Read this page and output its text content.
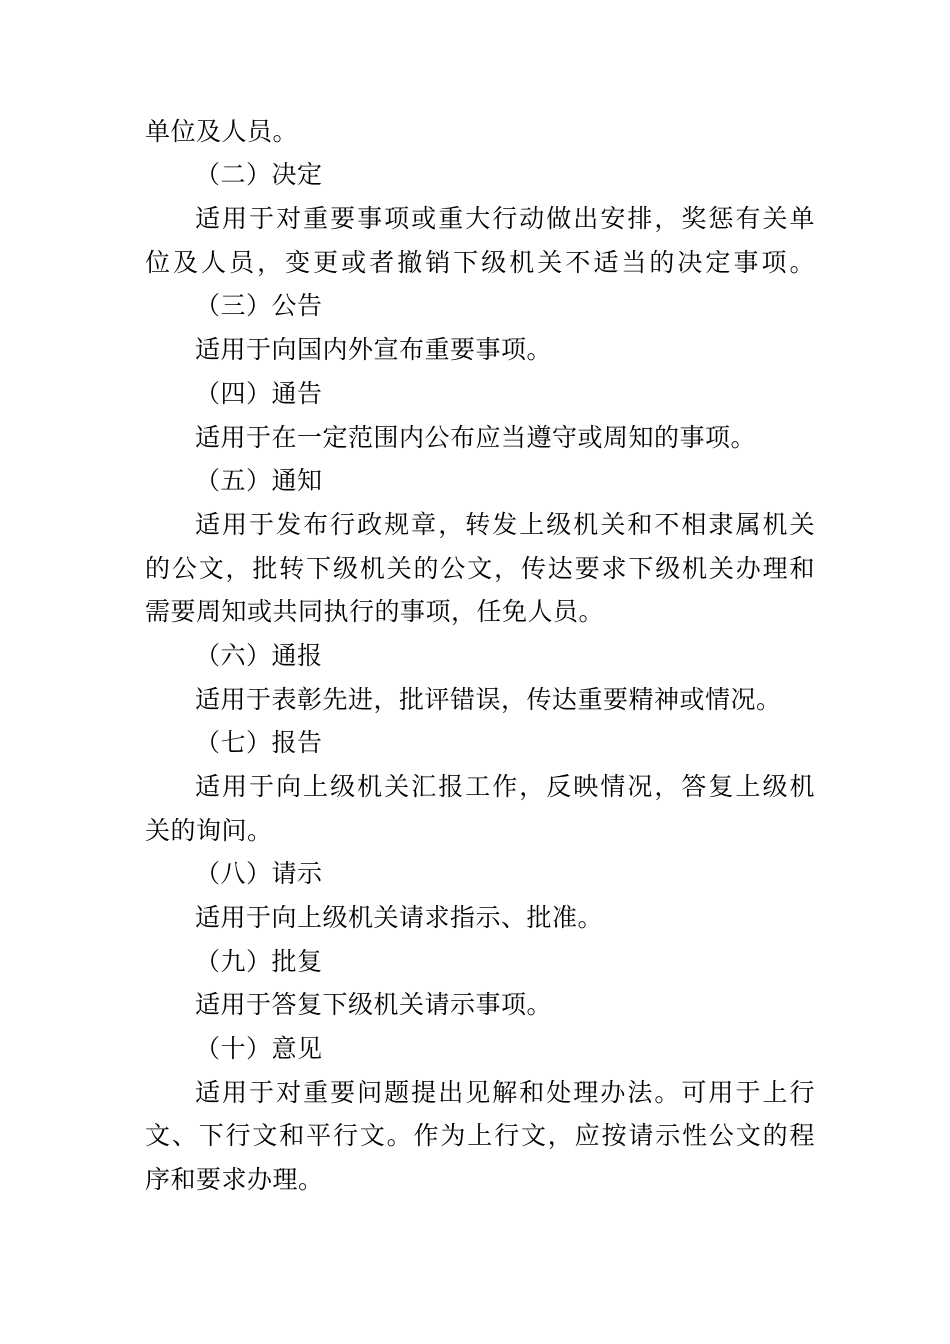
单位及人员。
（二）决定
适用于对重要事项或重大行动做出安排，奖惩有关单
位及人员，变更或者撤销下级机关不适当的决定事项。
（三）公告
适用于向国内外宣布重要事项。
（四）通告
适用于在一定范围内公布应当遵守或周知的事项。
（五）通知
适用于发布行政规章，转发上级机关和不相隶属机关
的公文，批转下级机关的公文，传达要求下级机关办理和
需要周知或共同执行的事项，任免人员。
（六）通报
适用于表彰先进，批评错误，传达重要精神或情况。
（七）报告
适用于向上级机关汇报工作，反映情况，答复上级机
关的询问。
（八）请示
适用于向上级机关请求指示、批准。
（九）批复
适用于答复下级机关请示事项。
（十）意见
适用于对重要问题提出见解和处理办法。可用于上行
文、下行文和平行文。作为上行文，应按请示性公文的程
序和要求办理。
